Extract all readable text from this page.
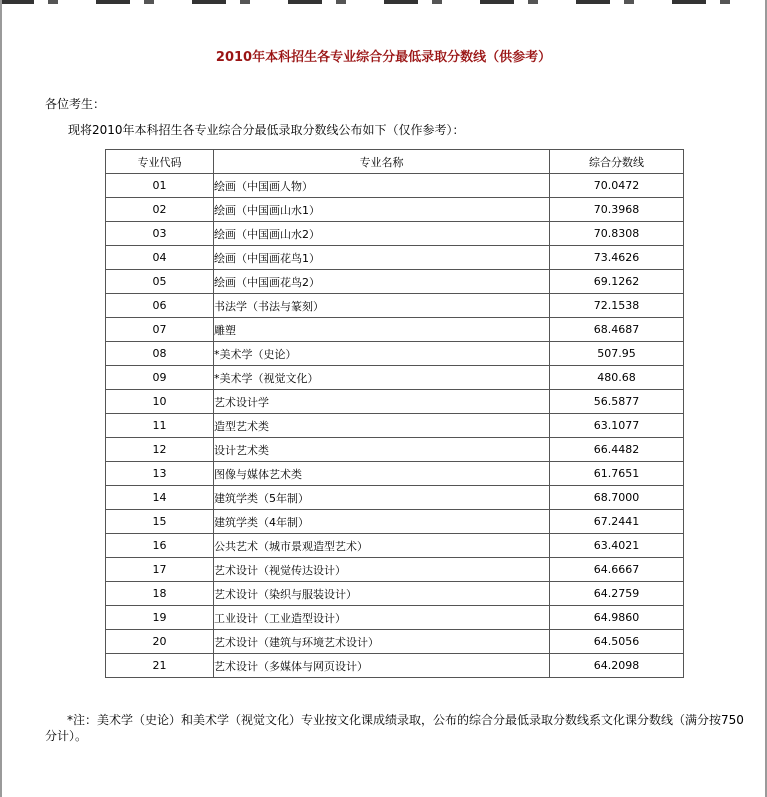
2010年本科招生各专业综合分最低录取分数线（供参考）
各位考生：
现将2010年本科招生各专业综合分最低录取分数线公布如下（仅作参考）：
专业代码	专业名称	综合分数线
01	绘画（中国画人物）	70.0472
02	绘画（中国画山水1）	70.3968
03	绘画（中国画山水2）	70.8308
04	绘画（中国画花鸟1）	73.4626
05	绘画（中国画花鸟2）	69.1262
06	书法学（书法与篆刻）	72.1538
07	雕塑	68.4687
08	*美术学（史论）	507.95
09	*美术学（视觉文化）	480.68
10	艺术设计学	56.5877
11	造型艺术类	63.1077
12	设计艺术类	66.4482
13	图像与媒体艺术类	61.7651
14	建筑学类（5年制）	68.7000
15	建筑学类（4年制）	67.2441
16	公共艺术（城市景观造型艺术）	63.4021
17	艺术设计（视觉传达设计）	64.6667
18	艺术设计（染织与服装设计）	64.2759
19	工业设计（工业造型设计）	64.9860
20	艺术设计（建筑与环境艺术设计）	64.5056
21	艺术设计（多媒体与网页设计）	64.2098
*注：美术学（史论）和美术学（视觉文化）专业按文化课成绩录取，公布的综合分最低录取分数线系文化课分数线（满分按750分计）。
